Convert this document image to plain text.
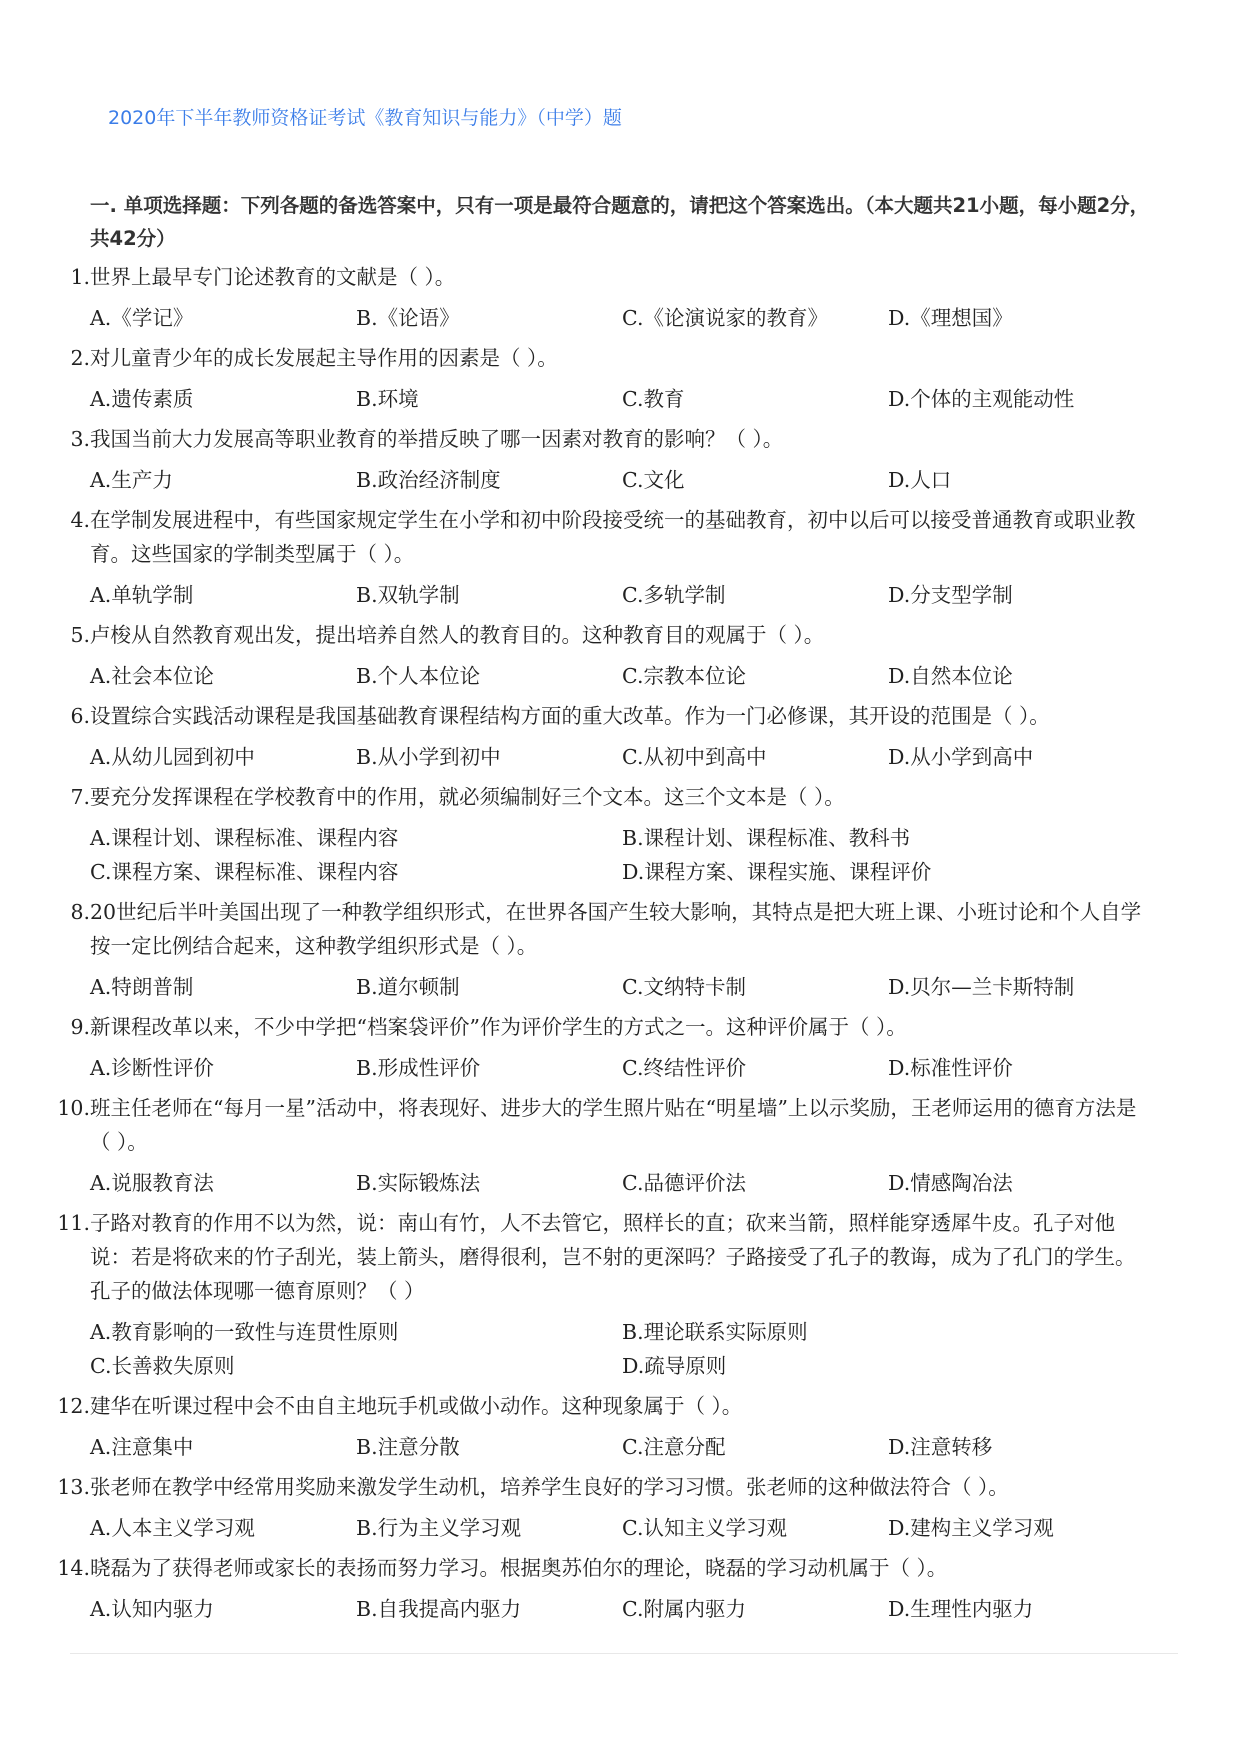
2020年下半年教师资格证考试《教育知识与能力》（中学）题
一. 单项选择题：下列各题的备选答案中，只有一项是最符合题意的，请把这个答案选出。（本大题共21小题，每小题2分，共42分）
1. 世界上最早专门论述教育的文献是（ ）。
A.《学记》	B.《论语》	C.《论演说家的教育》	D.《理想国》
2. 对儿童青少年的成长发展起主导作用的因素是（ ）。
A.遗传素质	B.环境	C.教育	D.个体的主观能动性
3. 我国当前大力发展高等职业教育的举措反映了哪一因素对教育的影响？（ ）。
A.生产力	B.政治经济制度	C.文化	D.人口
4. 在学制发展进程中，有些国家规定学生在小学和初中阶段接受统一的基础教育，初中以后可以接受普通教育或职业教育。这些国家的学制类型属于（ ）。
A.单轨学制	B.双轨学制	C.多轨学制	D.分支型学制
5. 卢梭从自然教育观出发，提出培养自然人的教育目的。这种教育目的观属于（ ）。
A.社会本位论	B.个人本位论	C.宗教本位论	D.自然本位论
6. 设置综合实践活动课程是我国基础教育课程结构方面的重大改革。作为一门必修课，其开设的范围是（ ）。
A.从幼儿园到初中	B.从小学到初中	C.从初中到高中	D.从小学到高中
7. 要充分发挥课程在学校教育中的作用，就必须编制好三个文本。这三个文本是（ ）。
A.课程计划、课程标准、课程内容	B.课程计划、课程标准、教科书
C.课程方案、课程标准、课程内容	D.课程方案、课程实施、课程评价
8. 20世纪后半叶美国出现了一种教学组织形式，在世界各国产生较大影响，其特点是把大班上课、小班讨论和个人自学按一定比例结合起来，这种教学组织形式是（ ）。
A.特朗普制	B.道尔顿制	C.文纳特卡制	D.贝尔—兰卡斯特制
9. 新课程改革以来，不少中学把“档案袋评价”作为评价学生的方式之一。这种评价属于（ ）。
A.诊断性评价	B.形成性评价	C.终结性评价	D.标准性评价
10. 班主任老师在“每月一星”活动中，将表现好、进步大的学生照片贴在“明星墙”上以示奖励，王老师运用的德育方法是（ ）。
A.说服教育法	B.实际锻炼法	C.品德评价法	D.情感陶冶法
11. 子路对教育的作用不以为然，说：南山有竹，人不去管它，照样长的直；砍来当箭，照样能穿透犀牛皮。孔子对他说：若是将砍来的竹子刮光，装上箭头，磨得很利，岂不射的更深吗？子路接受了孔子的教诲，成为了孔门的学生。孔子的做法体现哪一德育原则？（ ）
A.教育影响的一致性与连贯性原则	B.理论联系实际原则
C.长善救失原则	D.疏导原则
12. 建华在听课过程中会不由自主地玩手机或做小动作。这种现象属于（ ）。
A.注意集中	B.注意分散	C.注意分配	D.注意转移
13. 张老师在教学中经常用奖励来激发学生动机，培养学生良好的学习习惯。张老师的这种做法符合（ ）。
A.人本主义学习观	B.行为主义学习观	C.认知主义学习观	D.建构主义学习观
14. 晓磊为了获得老师或家长的表扬而努力学习。根据奥苏伯尔的理论，晓磊的学习动机属于（ ）。
A.认知内驱力	B.自我提高内驱力	C.附属内驱力	D.生理性内驱力
